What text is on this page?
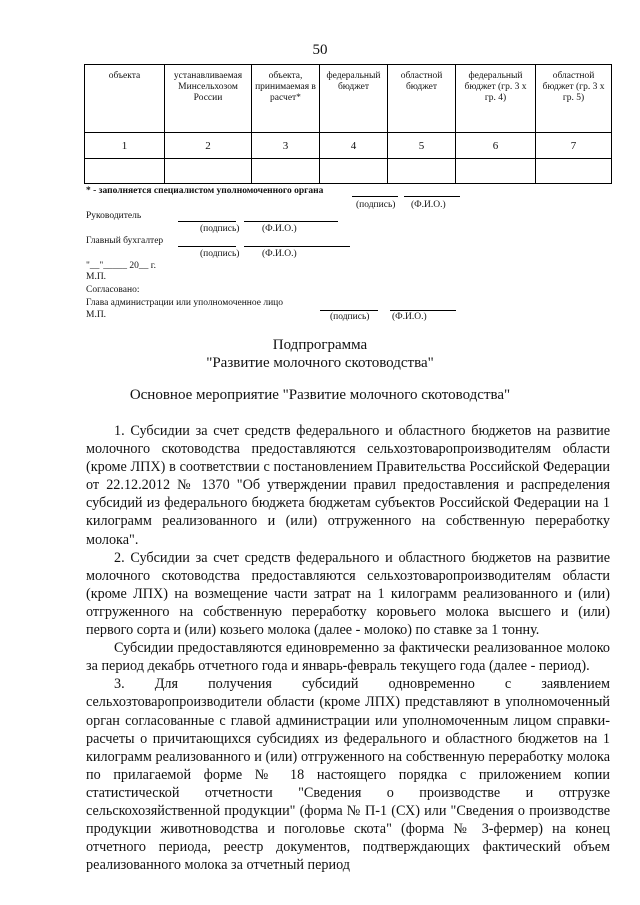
50
объекта	устанавливаемая Минсельхозом России	объекта, принимаемая в расчет*	федеральный бюджет	областной бюджет	федеральный бюджет (гр. 3 х гр. 4)	областной бюджет (гр. 3 х гр. 5)
1	2	3	4	5	6	7

* - заполняется специалистом уполномоченного органа
(подпись) (Ф.И.О.)
Руководитель
(подпись) (Ф.И.О.)
Главный бухгалтер
(подпись) (Ф.И.О.)
"__"_____ 20__ г.
М.П.
Согласовано:
Глава администрации или уполномоченное лицо
М.П.	(подпись) (Ф.И.О.)
Подпрограмма
"Развитие молочного скотоводства"
Основное мероприятие "Развитие молочного скотоводства"

1. Субсидии за счет средств федерального и областного бюджетов на развитие молочного скотоводства предоставляются сельхозтоваропроизводителям области (кроме ЛПХ) в соответствии с постановлением Правительства Российской Федерации от 22.12.2012 № 1370 "Об утверждении правил предоставления и распределения субсидий из федерального бюджета бюджетам субъектов Российской Федерации на 1 килограмм реализованного и (или) отгруженного на собственную переработку молока".

2. Субсидии за счет средств федерального и областного бюджетов на развитие молочного скотоводства предоставляются сельхозтоваропроизводителям области (кроме ЛПХ) на возмещение части затрат на 1 килограмм реализованного и (или) отгруженного на собственную переработку коровьего молока высшего и (или) первого сорта и (или) козьего молока (далее - молоко) по ставке за 1 тонну.

Субсидии предоставляются единовременно за фактически реализованное молоко за период декабрь отчетного года и январь-февраль текущего года (далее - период).

3. Для получения субсидий одновременно с заявлением сельхозтоваропроизводители области (кроме ЛПХ) представляют в уполномоченный орган согласованные с главой администрации или уполномоченным лицом справки-расчеты о причитающихся субсидиях из федерального и областного бюджетов на 1 килограмм реализованного и (или) отгруженного на собственную переработку молока по прилагаемой форме № 18 настоящего порядка с приложением копии статистической отчетности "Сведения о производстве и отгрузке сельскохозяйственной продукции" (форма № П-1 (СХ) или "Сведения о производстве продукции животноводства и поголовье скота" (форма № 3-фермер) на конец отчетного периода, реестр документов, подтверждающих фактический объем реализованного молока за отчетный период
